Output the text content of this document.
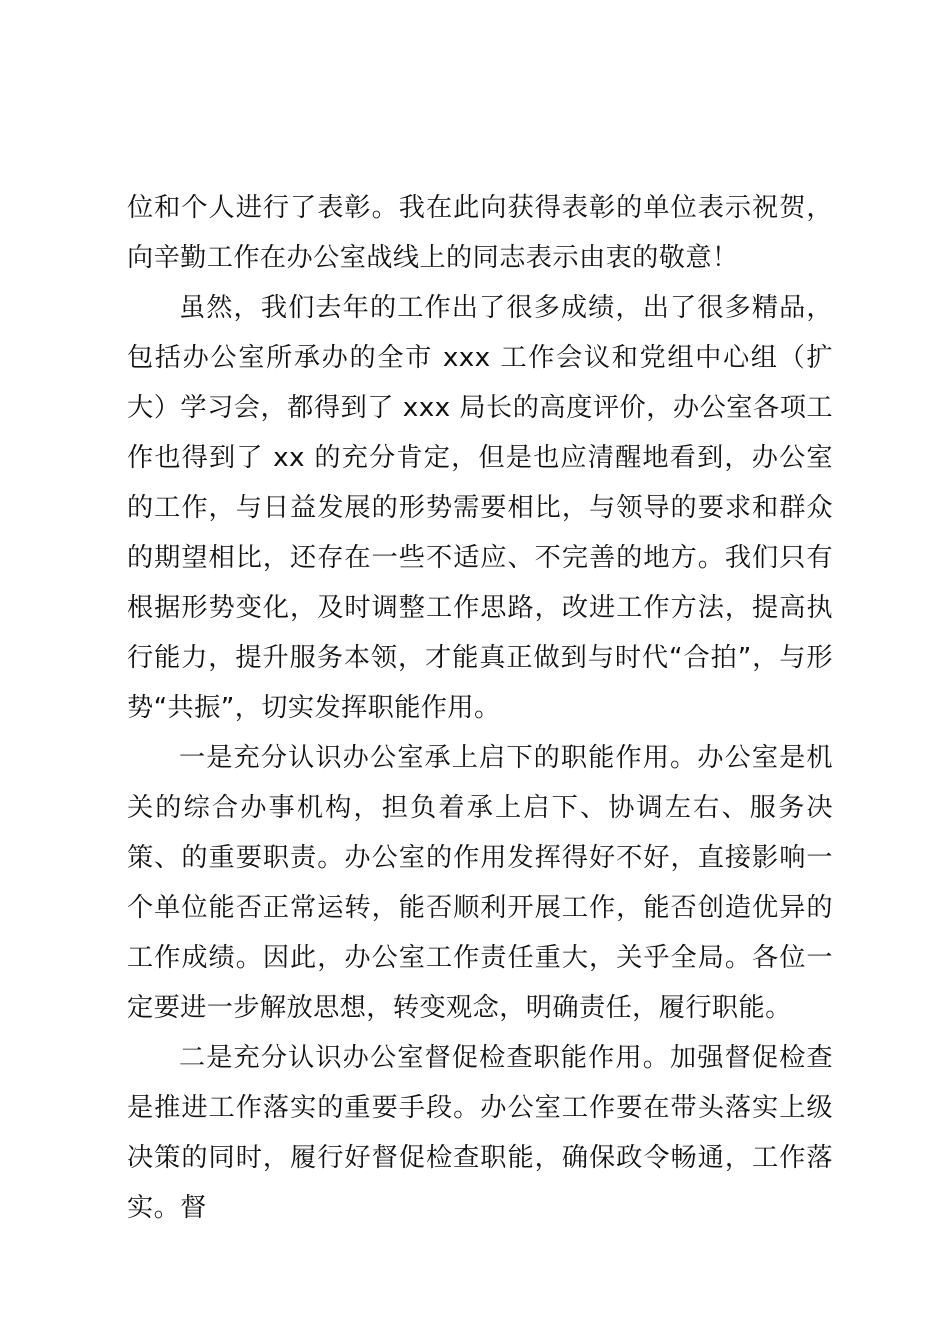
位和个人进行了表彰。我在此向获得表彰的单位表示祝贺，向辛勤工作在办公室战线上的同志表示由衷的敬意！

虽然，我们去年的工作出了很多成绩，出了很多精品，包括办公室所承办的全市 xxx 工作会议和党组中心组（扩大）学习会，都得到了 xxx 局长的高度评价，办公室各项工作也得到了 xx 的充分肯定，但是也应清醒地看到，办公室的工作，与日益发展的形势需要相比，与领导的要求和群众的期望相比，还存在一些不适应、不完善的地方。我们只有根据形势变化，及时调整工作思路，改进工作方法，提高执行能力，提升服务本领，才能真正做到与时代“合拍”，与形势“共振”，切实发挥职能作用。

一是充分认识办公室承上启下的职能作用。办公室是机关的综合办事机构，担负着承上启下、协调左右、服务决策、的重要职责。办公室的作用发挥得好不好，直接影响一个单位能否正常运转，能否顺利开展工作，能否创造优异的工作成绩。因此，办公室工作责任重大，关乎全局。各位一定要进一步解放思想，转变观念，明确责任，履行职能。

二是充分认识办公室督促检查职能作用。加强督促检查是推进工作落实的重要手段。办公室工作要在带头落实上级决策的同时，履行好督促检查职能，确保政令畅通，工作落实。督
